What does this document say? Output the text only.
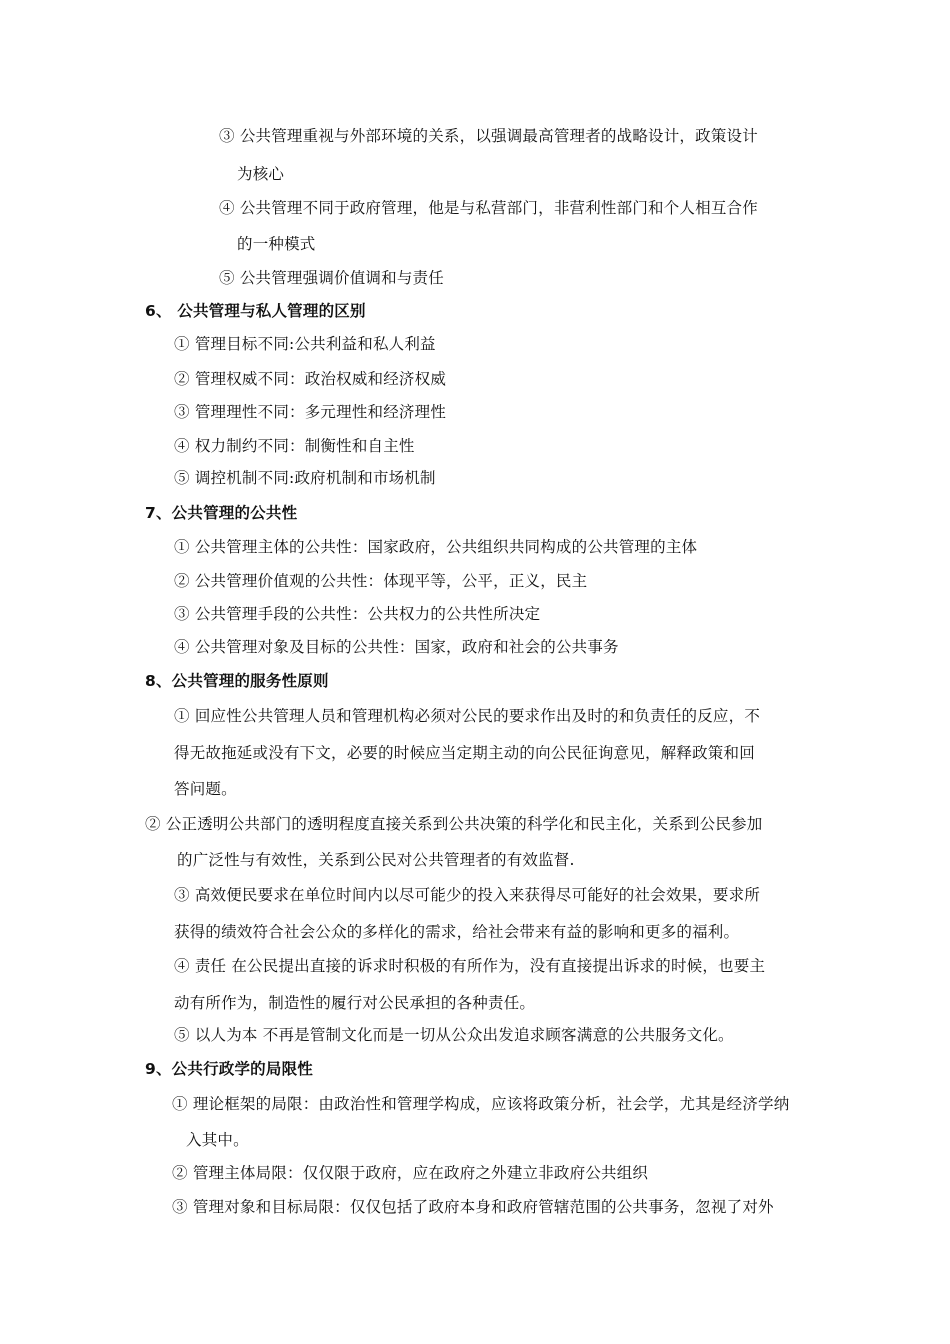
③ 公共管理重视与外部环境的关系，以强调最高管理者的战略设计，政策设计
为核心
④ 公共管理不同于政府管理，他是与私营部门，非营利性部门和个人相互合作
的一种模式
⑤ 公共管理强调价值调和与责任
6、 公共管理与私人管理的区别
① 管理目标不同:公共利益和私人利益
② 管理权威不同：政治权威和经济权威
③ 管理理性不同：多元理性和经济理性
④ 权力制约不同：制衡性和自主性
⑤ 调控机制不同:政府机制和市场机制
7、公共管理的公共性
① 公共管理主体的公共性：国家政府，公共组织共同构成的公共管理的主体
② 公共管理价值观的公共性：体现平等，公平，正义，民主
③ 公共管理手段的公共性：公共权力的公共性所决定
④ 公共管理对象及目标的公共性：国家，政府和社会的公共事务
8、公共管理的服务性原则
① 回应性公共管理人员和管理机构必须对公民的要求作出及时的和负责任的反应，不
得无故拖延或没有下文，必要的时候应当定期主动的向公民征询意见，解释政策和回
答问题。
② 公正透明公共部门的透明程度直接关系到公共决策的科学化和民主化，关系到公民参加
的广泛性与有效性，关系到公民对公共管理者的有效监督.
③ 高效便民要求在单位时间内以尽可能少的投入来获得尽可能好的社会效果，要求所
获得的绩效符合社会公众的多样化的需求，给社会带来有益的影响和更多的福利。
④ 责任 在公民提出直接的诉求时积极的有所作为，没有直接提出诉求的时候，也要主
动有所作为，制造性的履行对公民承担的各种责任。
⑤ 以人为本 不再是管制文化而是一切从公众出发追求顾客满意的公共服务文化。
9、公共行政学的局限性
① 理论框架的局限：由政治性和管理学构成，应该将政策分析，社会学，尤其是经济学纳
入其中。
② 管理主体局限：仅仅限于政府，应在政府之外建立非政府公共组织
③ 管理对象和目标局限：仅仅包括了政府本身和政府管辖范围的公共事务，忽视了对外
